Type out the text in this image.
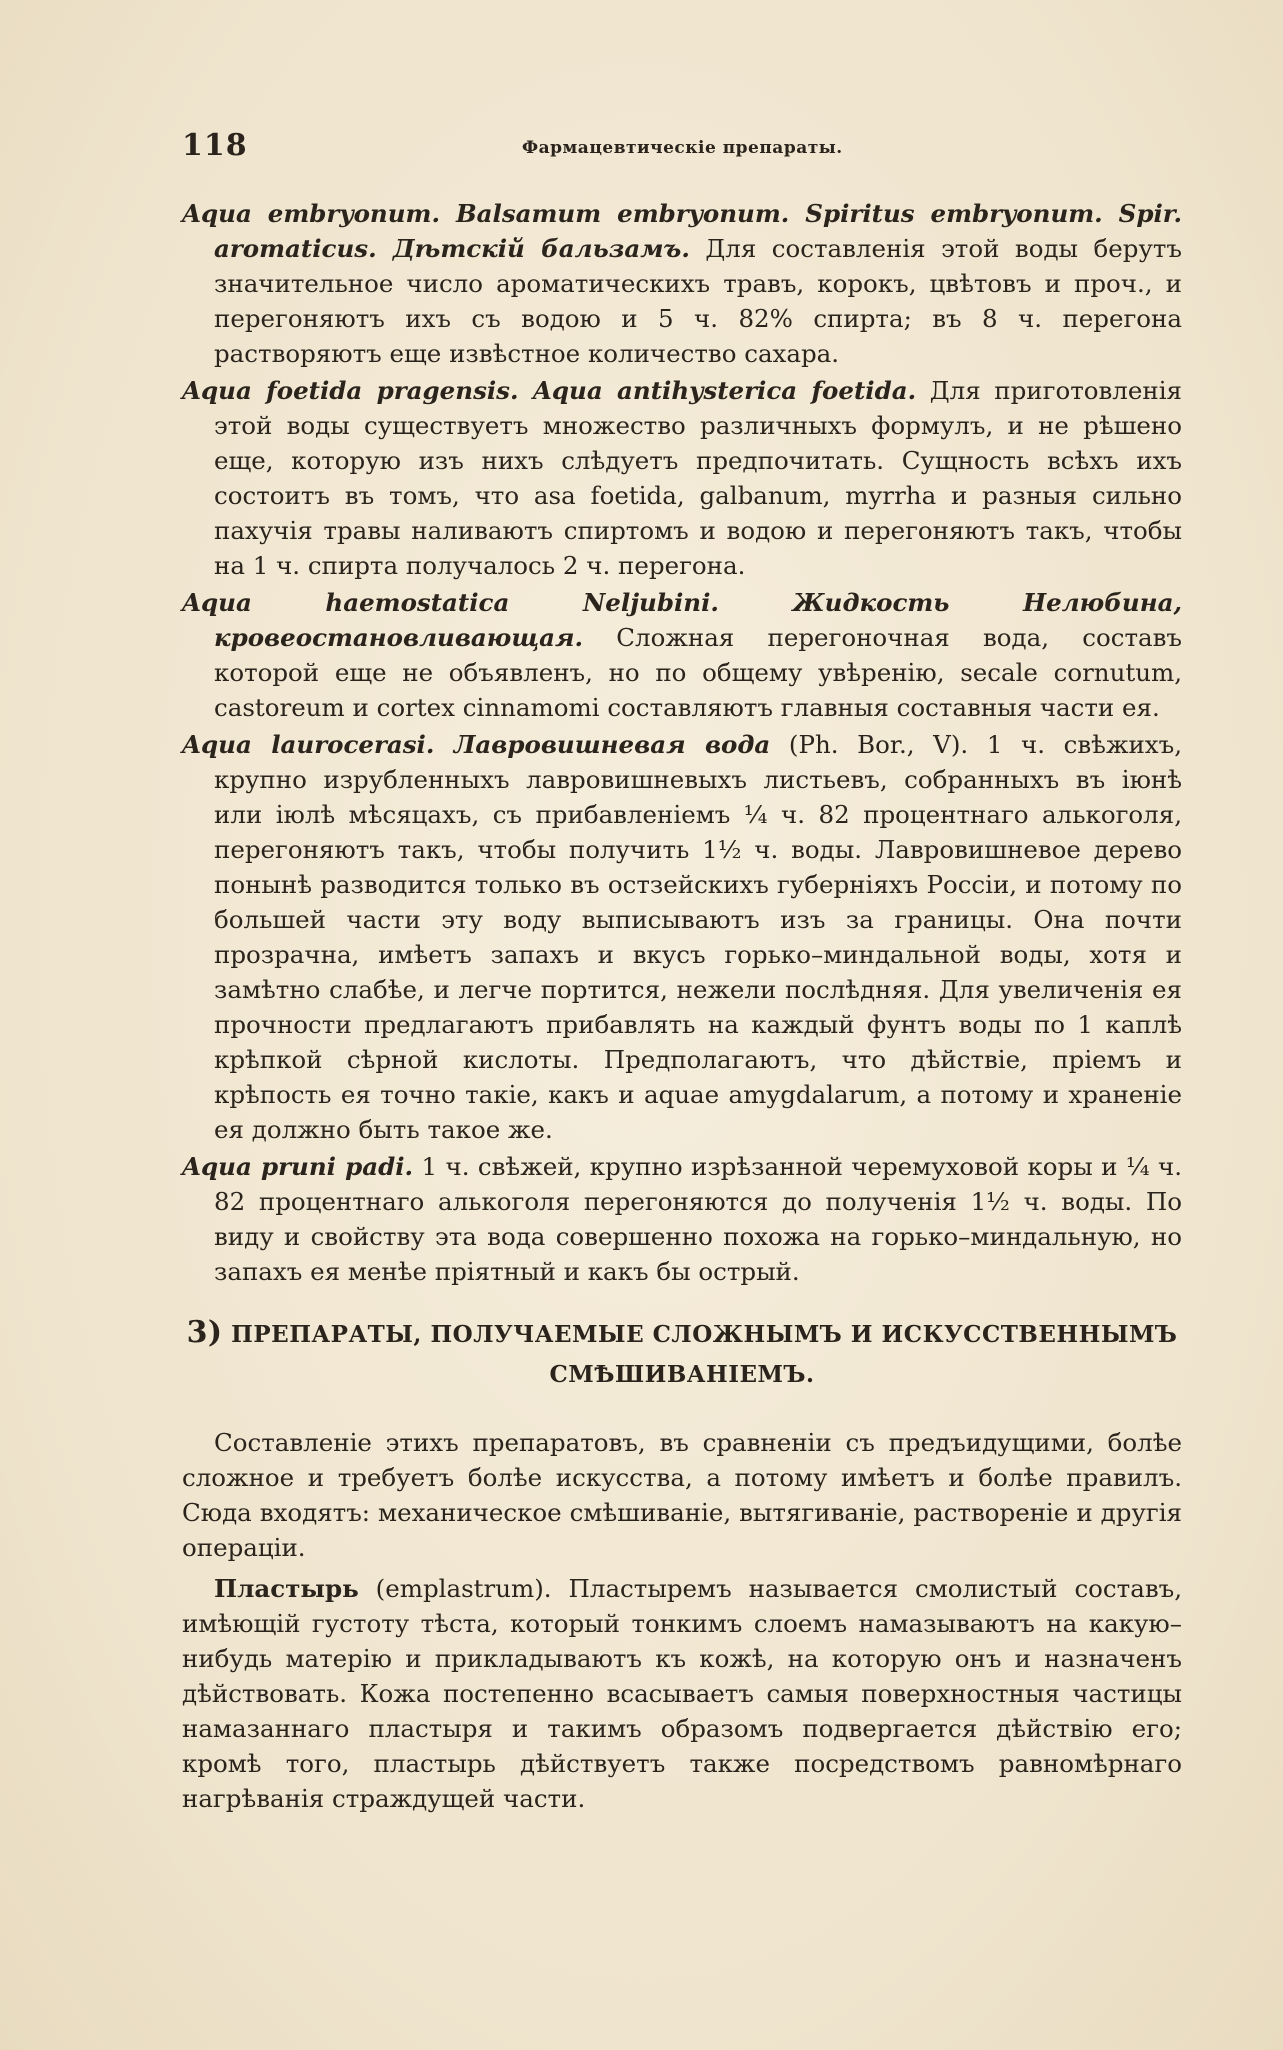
118	Фармацевтическіе препараты.

Aqua embryonum. Balsamum embryonum. Spiritus embryonum. Spir. aromaticus. Дѣтскій бальзамъ. Для составленія этой воды берутъ значительное число ароматическихъ травъ, корокъ, цвѣтовъ и проч., и перегоняютъ ихъ съ водою и 5 ч. 82% спирта; въ 8 ч. перегона растворяютъ еще извѣстное количество сахара.

Aqua foetida pragensis. Aqua antihysterica foetida. Для приготовленія этой воды существуетъ множество различныхъ формулъ, и не рѣшено еще, которую изъ нихъ слѣдуетъ предпочитать. Сущность всѣхъ ихъ состоитъ въ томъ, что asa foetida, galbanum, myrrha и разныя сильно пахучія травы наливаютъ спиртомъ и водою и перегоняютъ такъ, чтобы на 1 ч. спирта получалось 2 ч. перегона.

Aqua haemostatica Neljubini. Жидкость Нелюбина, кровеостановливающая. Сложная перегоночная вода, составъ которой еще не объявленъ, но по общему увѣренію, secale cornutum, castoreum и cortex cinnamomi составляютъ главныя составныя части ея.

Aqua laurocerasi. Лавровишневая вода (Ph. Bor., V). 1 ч. свѣжихъ, крупно изрубленныхъ лавровишневыхъ листьевъ, собранныхъ въ іюнѣ или іюлѣ мѣсяцахъ, съ прибавленіемъ ¼ ч. 82 процентнаго алькоголя, перегоняютъ такъ, чтобы получить 1½ ч. воды. Лавровишневое дерево понынѣ разводится только въ остзейскихъ губерніяхъ Россіи, и потому по большей части эту воду выписываютъ изъ за границы. Она почти прозрачна, имѣетъ запахъ и вкусъ горько–миндальной воды, хотя и замѣтно слабѣе, и легче портится, нежели послѣдняя. Для увеличенія ея прочности предлагаютъ прибавлять на каждый фунтъ воды по 1 каплѣ крѣпкой сѣрной кислоты. Предполагаютъ, что дѣйствіе, пріемъ и крѣпость ея точно такіе, какъ и aquae amygdalarum, а потому и храненіе ея должно быть такое же.

Aqua pruni padi. 1 ч. свѣжей, крупно изрѣзанной черемуховой коры и ¼ ч. 82 процентнаго алькоголя перегоняются до полученія 1½ ч. воды. По виду и свойству эта вода совершенно похожа на горько–миндальную, но запахъ ея менѣе пріятный и какъ бы острый.

3) ПРЕПАРАТЫ, ПОЛУЧАЕМЫЕ СЛОЖНЫМЪ И ИСКУССТВЕННЫМЪ
СМѢШИВАНІЕМЪ.

Составленіе этихъ препаратовъ, въ сравненіи съ предъидущими, болѣе сложное и требуетъ болѣе искусства, а потому имѣетъ и болѣе правилъ. Сюда входятъ: механическое смѣшиваніе, вытягиваніе, раствореніе и другія операціи.

Пластырь (emplastrum). Пластыремъ называется смолистый составъ, имѣющій густоту тѣста, который тонкимъ слоемъ намазываютъ на какую–нибудь матерію и прикладываютъ къ кожѣ, на которую онъ и назначенъ дѣйствовать. Кожа постепенно всасываетъ самыя поверхностныя частицы намазаннаго пластыря и такимъ образомъ подвергается дѣйствію его; кромѣ того, пластырь дѣйствуетъ также посредствомъ равномѣрнаго нагрѣванія страждущей части.
